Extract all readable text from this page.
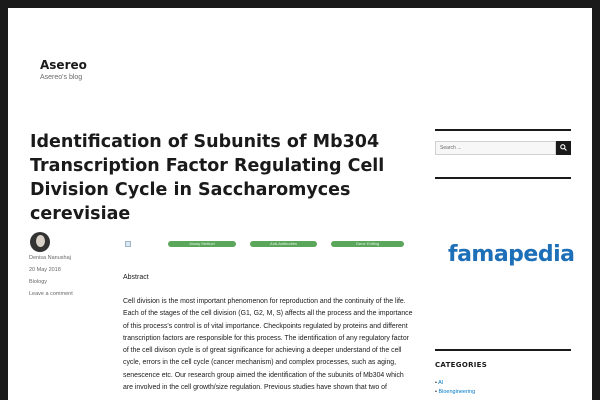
Asereo
Asereo's blog
Identification of Subunits of Mb304 Transcription Factor Regulating Cell Division Cycle in Saccharomyces cerevisiae
Denisa Nanushaj
20 May 2018
Biology
Leave a comment
Assay Method	Anti-Antibodies	Gene Editing
Abstract

Cell division is the most important phenomenon for reproduction and the continuity of the life. Each of the stages of the cell division (G1, G2, M, S) affects all the process and the importance of this process's control is of vital importance. Checkpoints regulated by proteins and different transcription factors are responsible for this process. The identification of any regulatory factor of the cell divison cycle is of great significance for achieving a deeper understand of the cell cycle, errors in the cell cycle (cancer mechanism) and complex processes, such as aging, senescence etc. Our research group aimed the identification of the subunits of Mb304 which are involved in the cell growth/size regulation. Previous studies have shown that two of

Search ...
famapedia
CATEGORIES
• AI
• Bioengineering
